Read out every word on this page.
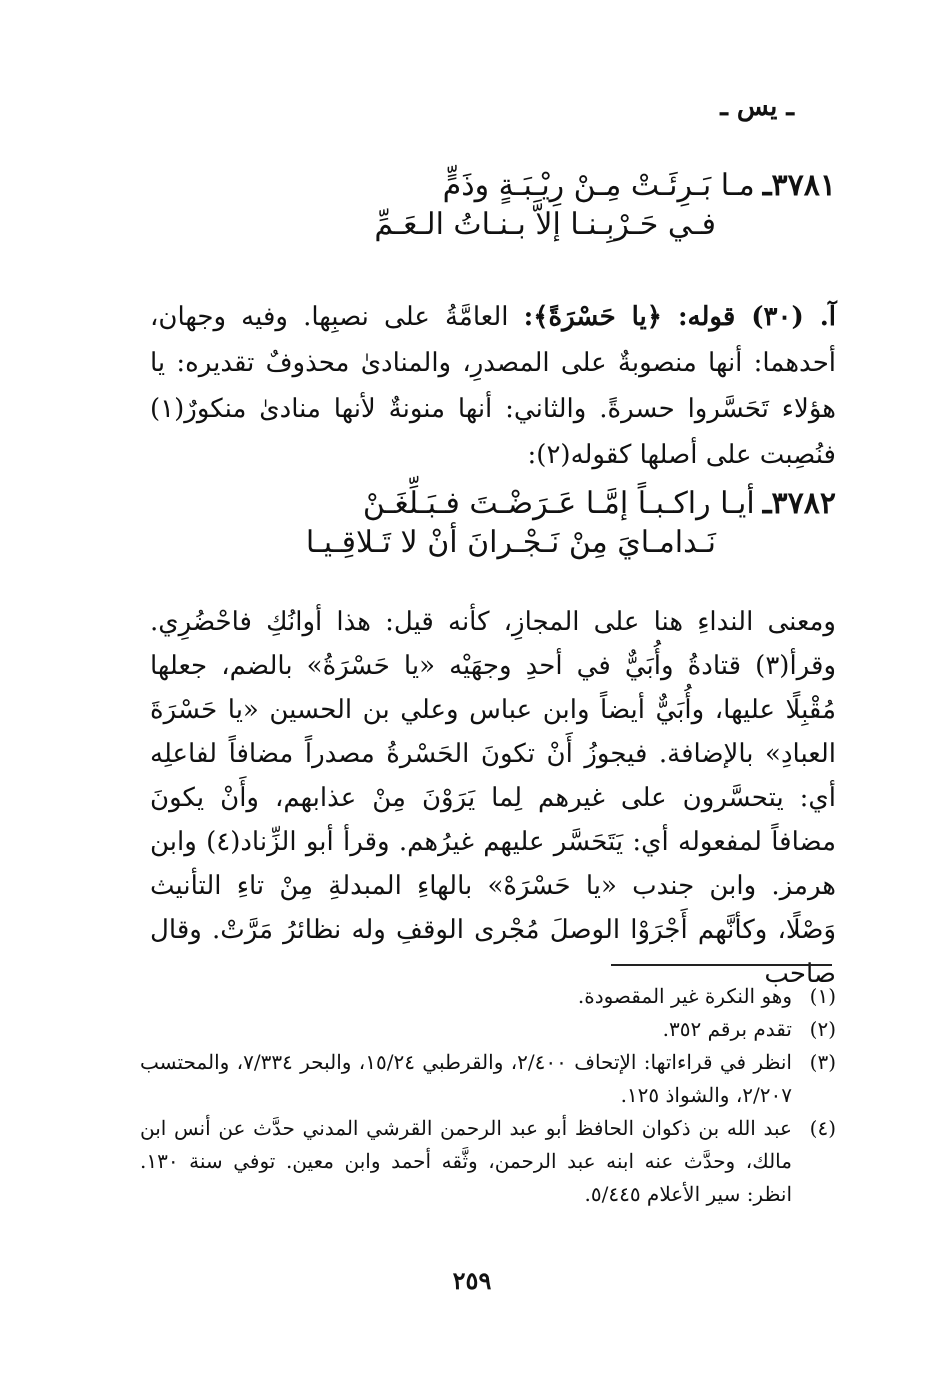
ـ يس ـ
٣٧٨١ـ
مـا بَـرِئَـتْ مِـنْ رِيْـبَـةٍ وذَمٍّ
فـي حَـرْبِـنـا إلاَّ بـنـاتُ الـعَـمِّ

آ. (٣٠) قوله: ﴿يا حَسْرَةً﴾: العامَّةُ على نصبِها. وفيه وجهان، أحدهما: أنها منصوبةٌ على المصدرِ، والمنادىٰ محذوفٌ تقديره: يا هؤلاء تَحَسَّروا حسرةً. والثاني: أنها منونةٌ لأنها منادىٰ منكورٌ(١) فنُصِبت على أصلها كقوله(٢):

٣٧٨٢ـ
أيـا راكـبـاً إمَّـا عَـرَضْـتَ فـبَـلِّغَـنْ
نَـدامـايَ مِنْ نَـجْـرانَ أنْ لا تَـلاقِـيـا

ومعنى النداءِ هنا على المجازِ، كأنه قيل: هذا أوانُكِ فاحْضُرِي. وقرأ(٣) قتادةُ وأُبَيٌّ في أحدِ وجهَيْه «يا حَسْرَةُ» بالضم، جعلها مُقْبِلًا عليها، وأُبَيٌّ أيضاً وابن عباس وعلي بن الحسين «يا حَسْرَةَ العبادِ» بالإضافة. فيجوزُ أَنْ تكونَ الحَسْرةُ مصدراً مضافاً لفاعلِه أي: يتحسَّرون على غيرهم لِما يَرَوْنَ مِنْ عذابهم، وأَنْ يكونَ مضافاً لمفعوله أي: يَتَحَسَّر عليهم غيرُهم. وقرأ أبو الزِّناد(٤) وابن هرمز. وابن جندب «يا حَسْرَهْ» بالهاءِ المبدلةِ مِنْ تاءِ التأنيث وَصْلًا، وكأنَّهم أَجْرَوْا الوصلَ مُجْرى الوقفِ وله نظائرُ مَرَّتْ. وقال صاحب

(١)
وهو النكرة غير المقصودة.
(٢)
تقدم برقم ٣٥٢.
(٣)
انظر في قراءاتها: الإتحاف ٢/٤٠٠، والقرطبي ١٥/٢٤، والبحر ٧/٣٣٤، والمحتسب ٢/٢٠٧، والشواذ ١٢٥.
(٤)
عبد الله بن ذكوان الحافظ أبو عبد الرحمن القرشي المدني حدَّث عن أنس ابن مالك، وحدَّث عنه ابنه عبد الرحمن، وثَّقه أحمد وابن معين. توفي سنة ١٣٠. انظر: سير الأعلام ٥/٤٤٥.
٢٥٩
